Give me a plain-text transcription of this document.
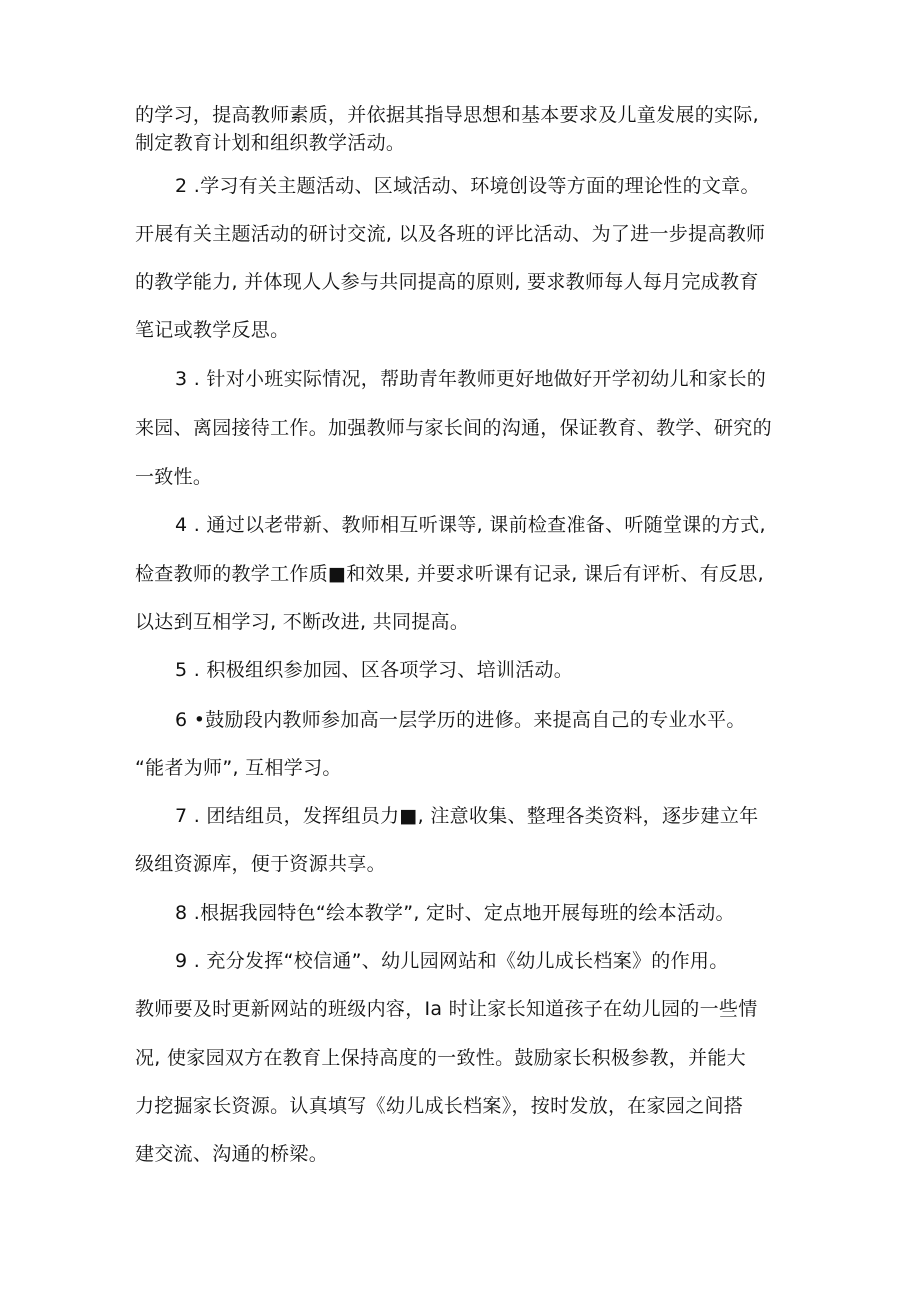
的学习，提高教师素质，并依据其指导思想和基本要求及儿童发展的实际,
制定教育计划和组织教学活动。
2 .学习有关主题活动、区域活动、环境创设等方面的理论性的文章。
开展有关主题活动的研讨交流, 以及各班的评比活动、为了进一步提高教师
的教学能力, 并体现人人参与共同提高的原则, 要求教师每人每月完成教育
笔记或教学反思。
3 . 针对小班实际情况，帮助青年教师更好地做好开学初幼儿和家长的
来园、离园接待工作。加强教师与家长间的沟通，保证教育、教学、研究的
一致性。
4 . 通过以老带新、教师相互听课等, 课前检查准备、听随堂课的方式,
检查教师的教学工作质■和效果, 并要求听课有记录, 课后有评析、有反思,
以达到互相学习, 不断改进, 共同提高。
5 . 积极组织参加园、区各项学习、培训活动。
6 •鼓励段内教师参加高一层学历的进修。来提高自己的专业水平。
“能者为师”, 互相学习。
7 . 团结组员，发挥组员力■, 注意收集、整理各类资料，逐步建立年
级组资源库，便于资源共享。
8 .根据我园特色“绘本教学”, 定时、定点地开展每班的绘本活动。
9 . 充分发挥“校信通”、幼儿园网站和《幼儿成长档案》的作用。
教师要及时更新网站的班级内容，Ia 时让家长知道孩子在幼儿园的一些情
况, 使家园双方在教育上保持高度的一致性。鼓励家长积极参教，并能大
力挖掘家长资源。认真填写《幼儿成长档案》，按时发放，在家园之间搭
建交流、沟通的桥梁。
